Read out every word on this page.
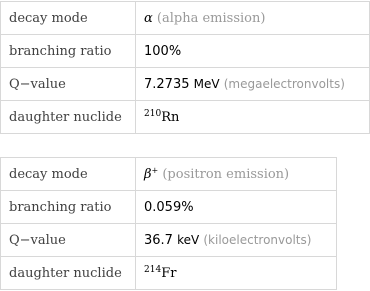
decay mode	α (alpha emission)
branching ratio	100%
Q−value	7.2735 MeV (megaelectronvolts)
daughter nuclide	$^{210}$Rn
decay mode	β+ (positron emission)
branching ratio	0.059%
Q−value	36.7 keV (kiloelectronvolts)
daughter nuclide	$^{214}$Fr
